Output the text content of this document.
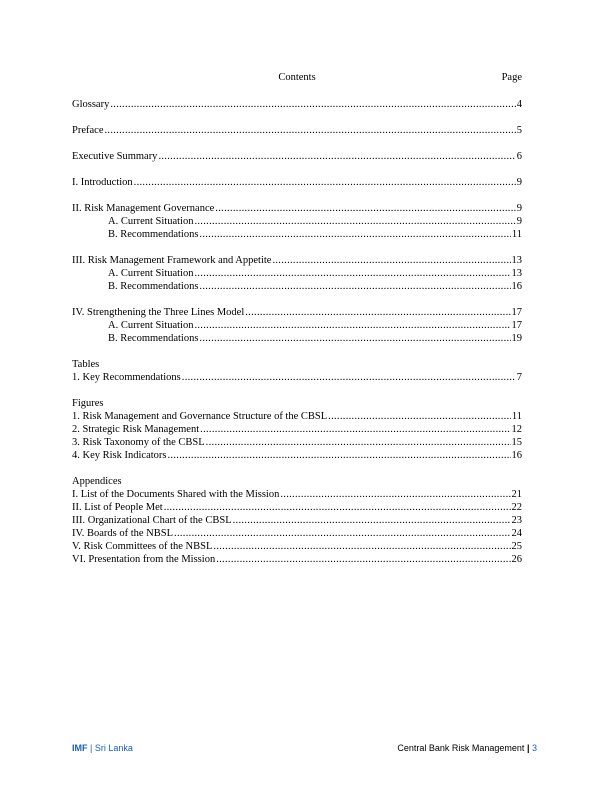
Contents	Page
Glossary .....	4
Preface .....	5
Executive Summary .....	6
I. Introduction .....	9
II. Risk Management Governance .....	9
A. Current Situation .....	9
B. Recommendations .....	11
III. Risk Management Framework and Appetite .....	13
A. Current Situation .....	13
B. Recommendations .....	16
IV. Strengthening the Three Lines Model .....	17
A. Current Situation .....	17
B. Recommendations .....	19
Tables
1. Key Recommendations .....	7
Figures
1. Risk Management and Governance Structure of the CBSL .....	11
2. Strategic Risk Management .....	12
3. Risk Taxonomy of the CBSL .....	15
4. Key Risk Indicators .....	16
Appendices
I. List of the Documents Shared with the Mission .....	21
II. List of People Met .....	22
III. Organizational Chart of the CBSL .....	23
IV. Boards of the NBSL .....	24
V. Risk Committees of the NBSL .....	25
VI. Presentation from the Mission .....	26
IMF | Sri Lanka	Central Bank Risk Management | 3
